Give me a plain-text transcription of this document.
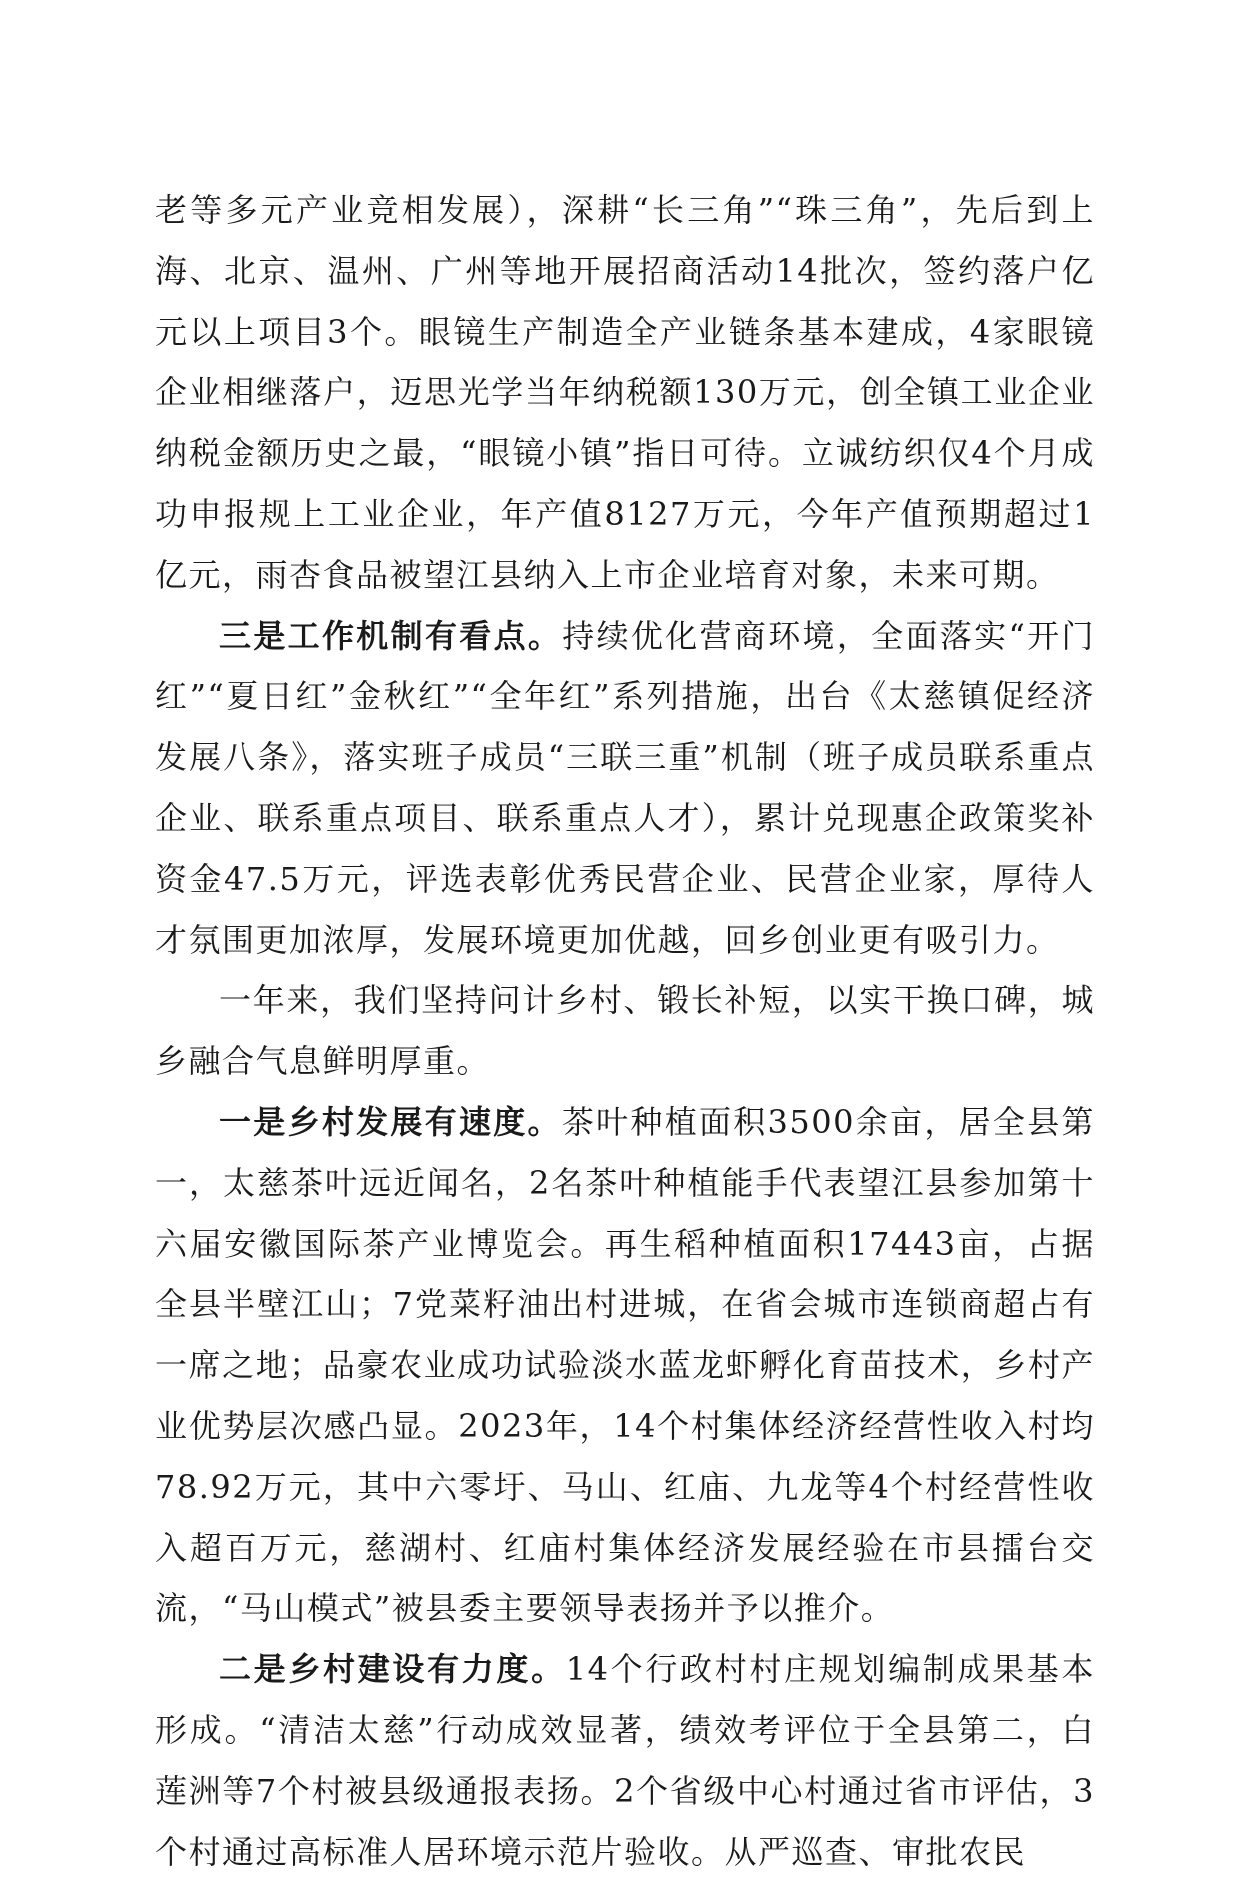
老等多元产业竞相发展），深耕“长三角”“珠三角”，先后到上海、北京、温州、广州等地开展招商活动14批次，签约落户亿元以上项目3个。眼镜生产制造全产业链条基本建成，4家眼镜企业相继落户，迈思光学当年纳税额130万元，创全镇工业企业纳税金额历史之最，“眼镜小镇”指日可待。立诚纺织仅4个月成功申报规上工业企业，年产值8127万元，今年产值预期超过1亿元，雨杏食品被望江县纳入上市企业培育对象，未来可期。

三是工作机制有看点。持续优化营商环境，全面落实“开门红”“夏日红”金秋红”“全年红”系列措施，出台《太慈镇促经济发展八条》，落实班子成员“三联三重”机制（班子成员联系重点企业、联系重点项目、联系重点人才），累计兑现惠企政策奖补资金47.5万元，评选表彰优秀民营企业、民营企业家，厚待人才氛围更加浓厚，发展环境更加优越，回乡创业更有吸引力。

一年来，我们坚持问计乡村、锻长补短，以实干换口碑，城乡融合气息鲜明厚重。

一是乡村发展有速度。茶叶种植面积3500余亩，居全县第一，太慈茶叶远近闻名，2名茶叶种植能手代表望江县参加第十六届安徽国际茶产业博览会。再生稻种植面积17443亩，占据全县半壁江山；7党菜籽油出村进城，在省会城市连锁商超占有一席之地；品豪农业成功试验淡水蓝龙虾孵化育苗技术，乡村产业优势层次感凸显。2023年，14个村集体经济经营性收入村均78.92万元，其中六零圩、马山、红庙、九龙等4个村经营性收入超百万元，慈湖村、红庙村集体经济发展经验在市县擂台交流，“马山模式”被县委主要领导表扬并予以推介。

二是乡村建设有力度。14个行政村村庄规划编制成果基本形成。“清洁太慈”行动成效显著，绩效考评位于全县第二，白莲洲等7个村被县级通报表扬。2个省级中心村通过省市评估，3个村通过高标准人居环境示范片验收。从严巡查、审批农民
